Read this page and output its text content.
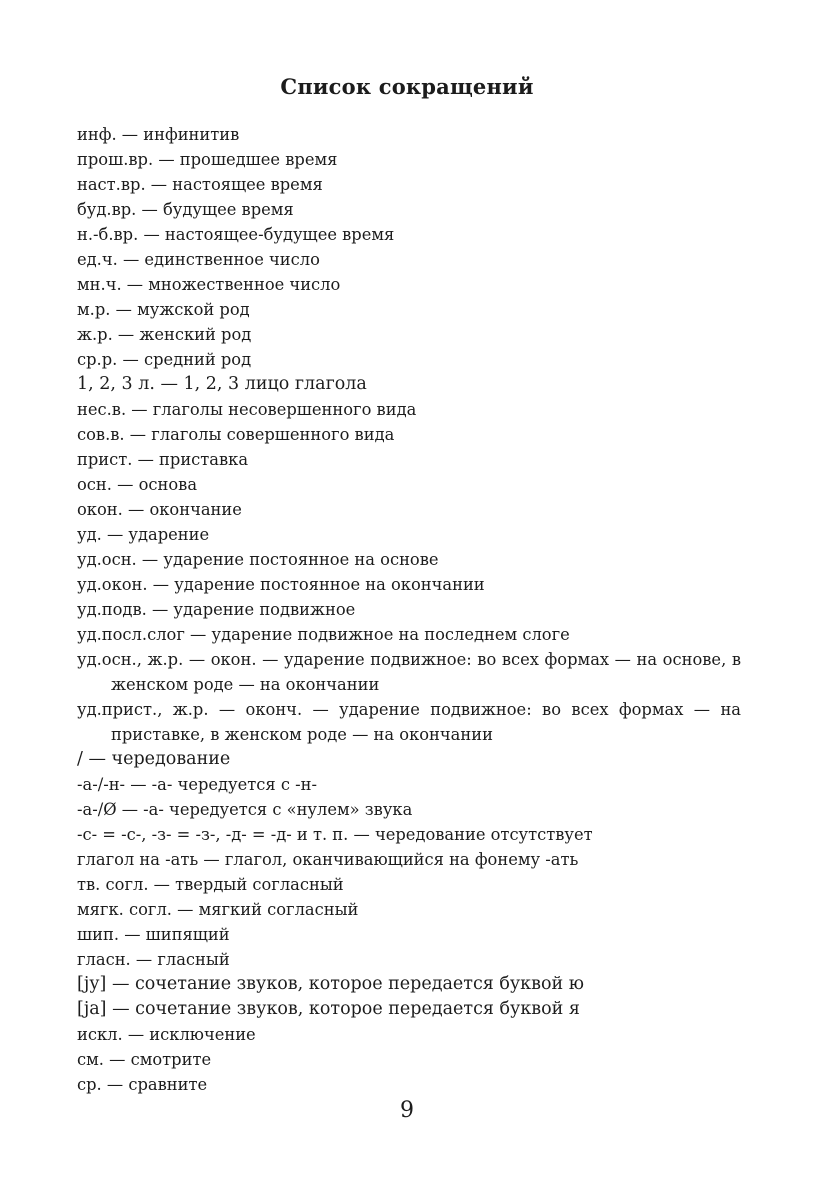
Список сокращений
инф. — инфинитив
прош.вр. — прошедшее время
наст.вр. — настоящее время
буд.вр. — будущее время
н.-б.вр. — настоящее-будущее время
ед.ч. — единственное число
мн.ч. — множественное число
м.р. — мужской род
ж.р. — женский род
ср.р. — средний род
1, 2, 3 л. — 1, 2, 3 лицо глагола
нес.в. — глаголы несовершенного вида
сов.в. — глаголы совершенного вида
прист. — приставка
осн. — основа
окон. — окончание
уд. — ударение
уд.осн. — ударение постоянное на основе
уд.окон. — ударение постоянное на окончании
уд.подв. — ударение подвижное
уд.посл.слог — ударение подвижное на последнем слоге
уд.осн., ж.р. — окон. — ударение подвижное: во всех формах — на основе, в женском роде — на окончании
уд.прист., ж.р. — оконч. — ударение подвижное: во всех формах — на приставке, в женском роде — на окончании
/ — чередование
-а-/-н- — -а- чередуется с -н-
-а-/Ø — -а- чередуется с «нулем» звука
-с- = -с-, -з- = -з-, -д- = -д- и т. п. — чередование отсутствует
глагол на -ать — глагол, оканчивающийся на фонему -ать
тв. согл. — твердый согласный
мягк. согл. — мягкий согласный
шип. — шипящий
гласн. — гласный
[jу] — сочетание звуков, которое передается буквой ю
[jа] — сочетание звуков, которое передается буквой я
искл. — исключение
см. — смотрите
ср. — сравните
9
